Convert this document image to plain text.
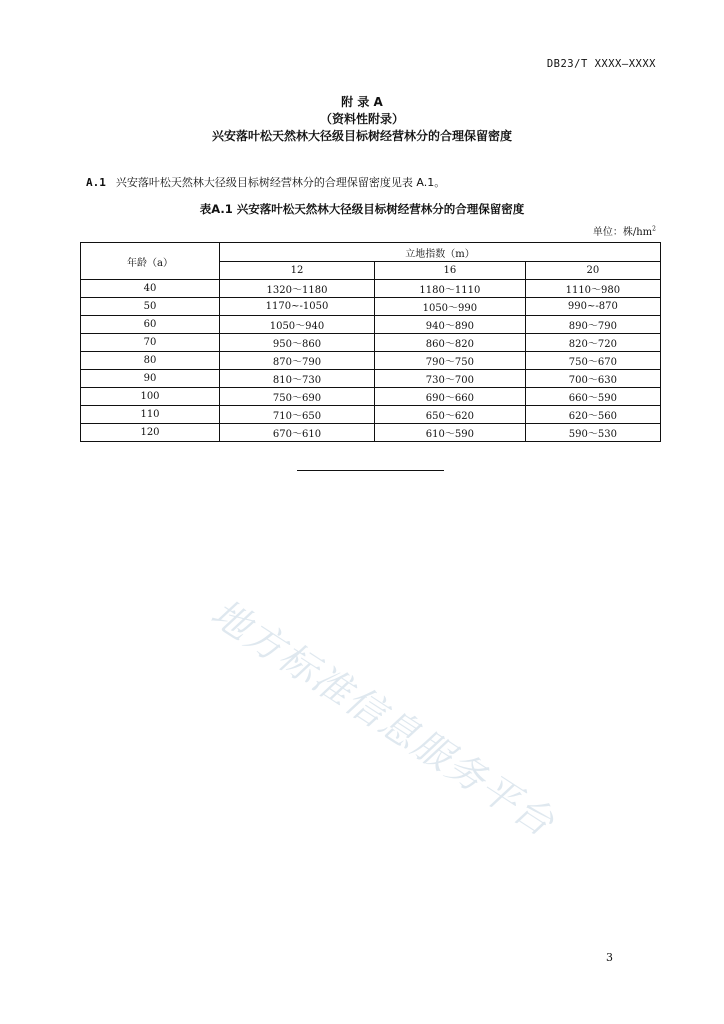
DB23/T XXXX—XXXX
附 录 A
（资料性附录）
兴安落叶松天然林大径级目标树经营林分的合理保留密度
A.1 兴安落叶松天然林大径级目标树经营林分的合理保留密度见表 A.1。
表A.1 兴安落叶松天然林大径级目标树经营林分的合理保留密度
单位：株$/hm^2$
年龄（a）	立地指数（m）		
	12	16	20
40	1320～1180	1180～1110	1110～980
50	1170~-1050	1050～990	990~-870
60	1050～940	940～890	890～790
70	950～860	860～820	820～720
80	870～790	790～750	750～670
90	810～730	730～700	700～630
100	750～690	690～660	660～590
110	710～650	650～620	620～560
120	670～610	610～590	590～530
地方标准信息服务平台
3
